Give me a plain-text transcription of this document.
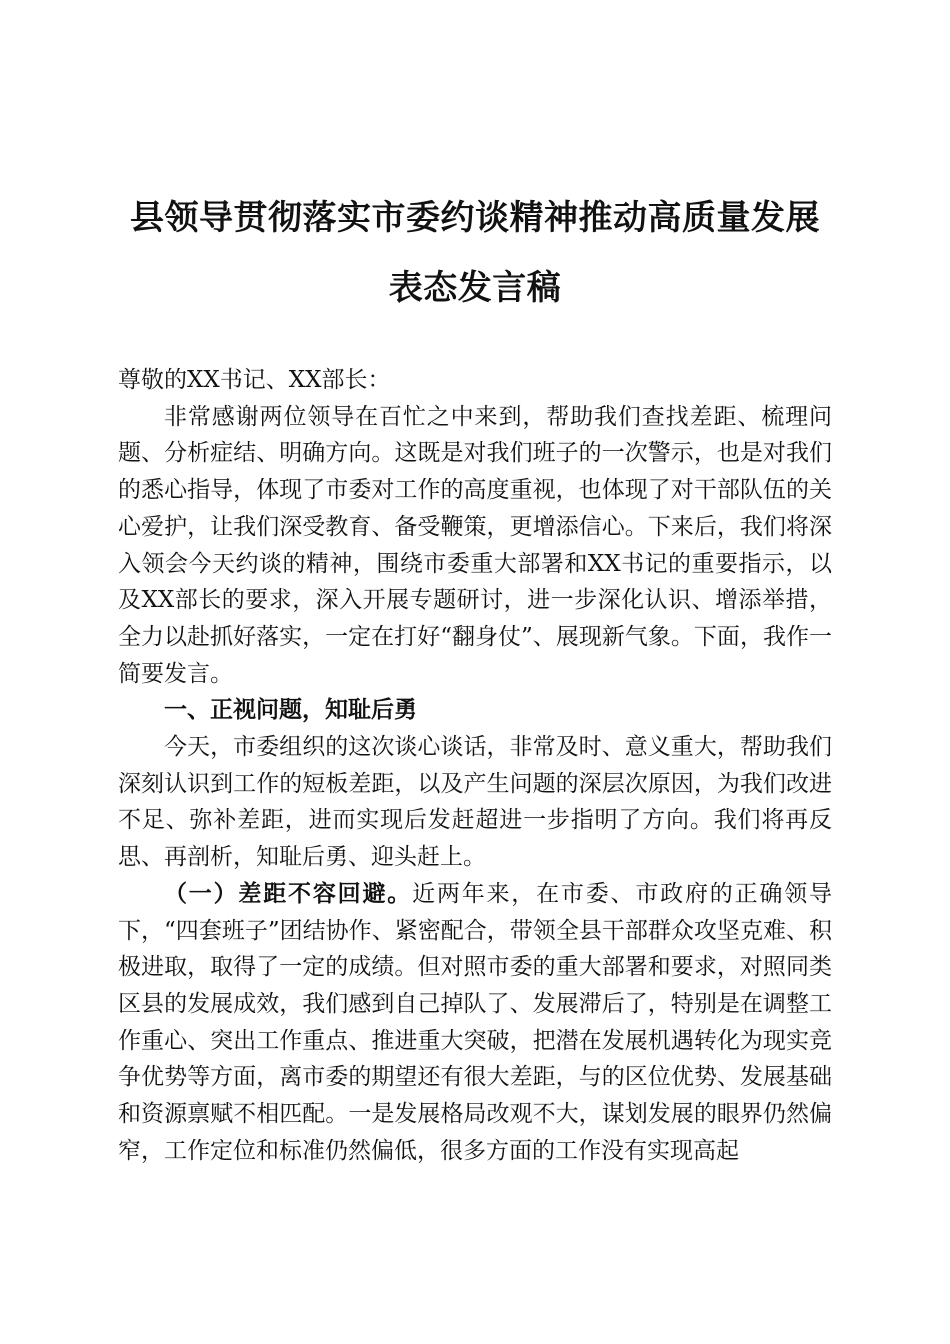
县领导贯彻落实市委约谈精神推动高质量发展
表态发言稿

尊敬的XX书记、XX部长：

非常感谢两位领导在百忙之中来到，帮助我们查找差距、梳理问题、分析症结、明确方向。这既是对我们班子的一次警示，也是对我们的悉心指导，体现了市委对工作的高度重视，也体现了对干部队伍的关心爱护，让我们深受教育、备受鞭策，更增添信心。下来后，我们将深入领会今天约谈的精神，围绕市委重大部署和XX书记的重要指示，以及XX部长的要求，深入开展专题研讨，进一步深化认识、增添举措，全力以赴抓好落实，一定在打好“翻身仗”、展现新气象。下面，我作一简要发言。

一、正视问题，知耻后勇

今天，市委组织的这次谈心谈话，非常及时、意义重大，帮助我们深刻认识到工作的短板差距，以及产生问题的深层次原因，为我们改进不足、弥补差距，进而实现后发赶超进一步指明了方向。我们将再反思、再剖析，知耻后勇、迎头赶上。

（一）差距不容回避。近两年来，在市委、市政府的正确领导下，“四套班子”团结协作、紧密配合，带领全县干部群众攻坚克难、积极进取，取得了一定的成绩。但对照市委的重大部署和要求，对照同类区县的发展成效，我们感到自己掉队了、发展滞后了，特别是在调整工作重心、突出工作重点、推进重大突破，把潜在发展机遇转化为现实竞争优势等方面，离市委的期望还有很大差距，与的区位优势、发展基础和资源禀赋不相匹配。一是发展格局改观不大，谋划发展的眼界仍然偏窄，工作定位和标准仍然偏低，很多方面的工作没有实现高起
